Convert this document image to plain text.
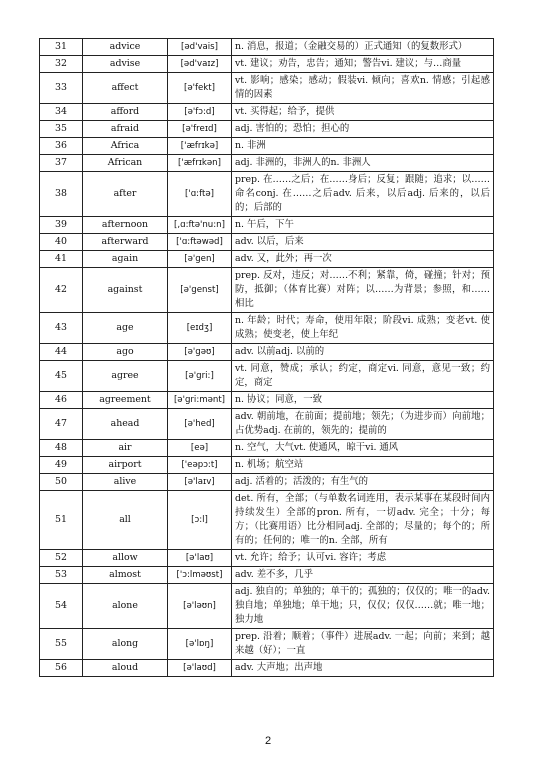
31	advice	[əd'vais]	n. 消息，报道；（金融交易的）正式通知（的复数形式）
32	advise	[əd'vaɪz]	vt. 建议；劝告，忠告；通知；警告vi. 建议；与…商量
33	affect	[ə'fekt]	vt. 影响；感染；感动；假装vi. 倾向；喜欢n. 情感；引起感情的因素
34	afford	[ə'fɔ:d]	vt. 买得起；给予，提供
35	afraid	[ə'freɪd]	adj. 害怕的；恐怕；担心的
36	Africa	['æfrɪkə]	n. 非洲
37	African	['æfrɪkən]	adj. 非洲的，非洲人的n. 非洲人
38	after	['ɑ:ftə]	prep. 在……之后；在……身后；反复；跟随；追求；以……命名conj. 在……之后adv. 后来，以后adj. 后来的，以后的；后部的
39	afternoon	[,ɑ:ftə'nu:n]	n. 午后，下午
40	afterward	['ɑ:ftəwəd]	adv. 以后，后来
41	again	[ə'gen]	adv. 又，此外；再一次
42	against	[ə'genst]	prep. 反对，违反；对……不利；紧靠，倚，碰撞；针对；预防，抵御；（体育比赛）对阵；以……为背景；参照，和……相比
43	age	[eɪdʒ]	n. 年龄；时代；寿命，使用年限；阶段vi. 成熟；变老vt. 使成熟；使变老，使上年纪
44	ago	[ə'gəʊ]	adv. 以前adj. 以前的
45	agree	[ə'gri:]	vt. 同意，赞成；承认；约定，商定vi. 同意，意见一致；约定，商定
46	agreement	[ə'gri:mənt]	n. 协议；同意，一致
47	ahead	[ə'hed]	adv. 朝前地，在前面；提前地；领先；（为进步而）向前地；占优势adj. 在前的，领先的；提前的
48	air	[eə]	n. 空气，大气vt. 使通风，晾干vi. 通风
49	airport	['eəpɔ:t]	n. 机场；航空站
50	alive	[ə'laɪv]	adj. 活着的；活泼的；有生气的
51	all	[ɔ:l]	det. 所有，全部；（与单数名词连用，表示某事在某段时间内持续发生）全部的pron. 所有，一切adv. 完全；十分；每方；（比赛用语）比分相同adj. 全部的；尽量的；每个的；所有的；任何的；唯一的n. 全部，所有
52	allow	[ə'laʊ]	vt. 允许；给予；认可vi. 容许；考虑
53	almost	['ɔ:lməʊst]	adv. 差不多，几乎
54	alone	[ə'ləʊn]	adj. 独自的；单独的；单干的；孤独的；仅仅的；唯一的adv. 独自地；单独地；单干地；只，仅仅；仅仅……就；唯一地；独力地
55	along	[ə'lɒŋ]	prep. 沿着；顺着；（事件）进展adv. 一起；向前；来到；越来越（好）；一直
56	aloud	[ə'laʊd]	adv. 大声地；出声地
2
